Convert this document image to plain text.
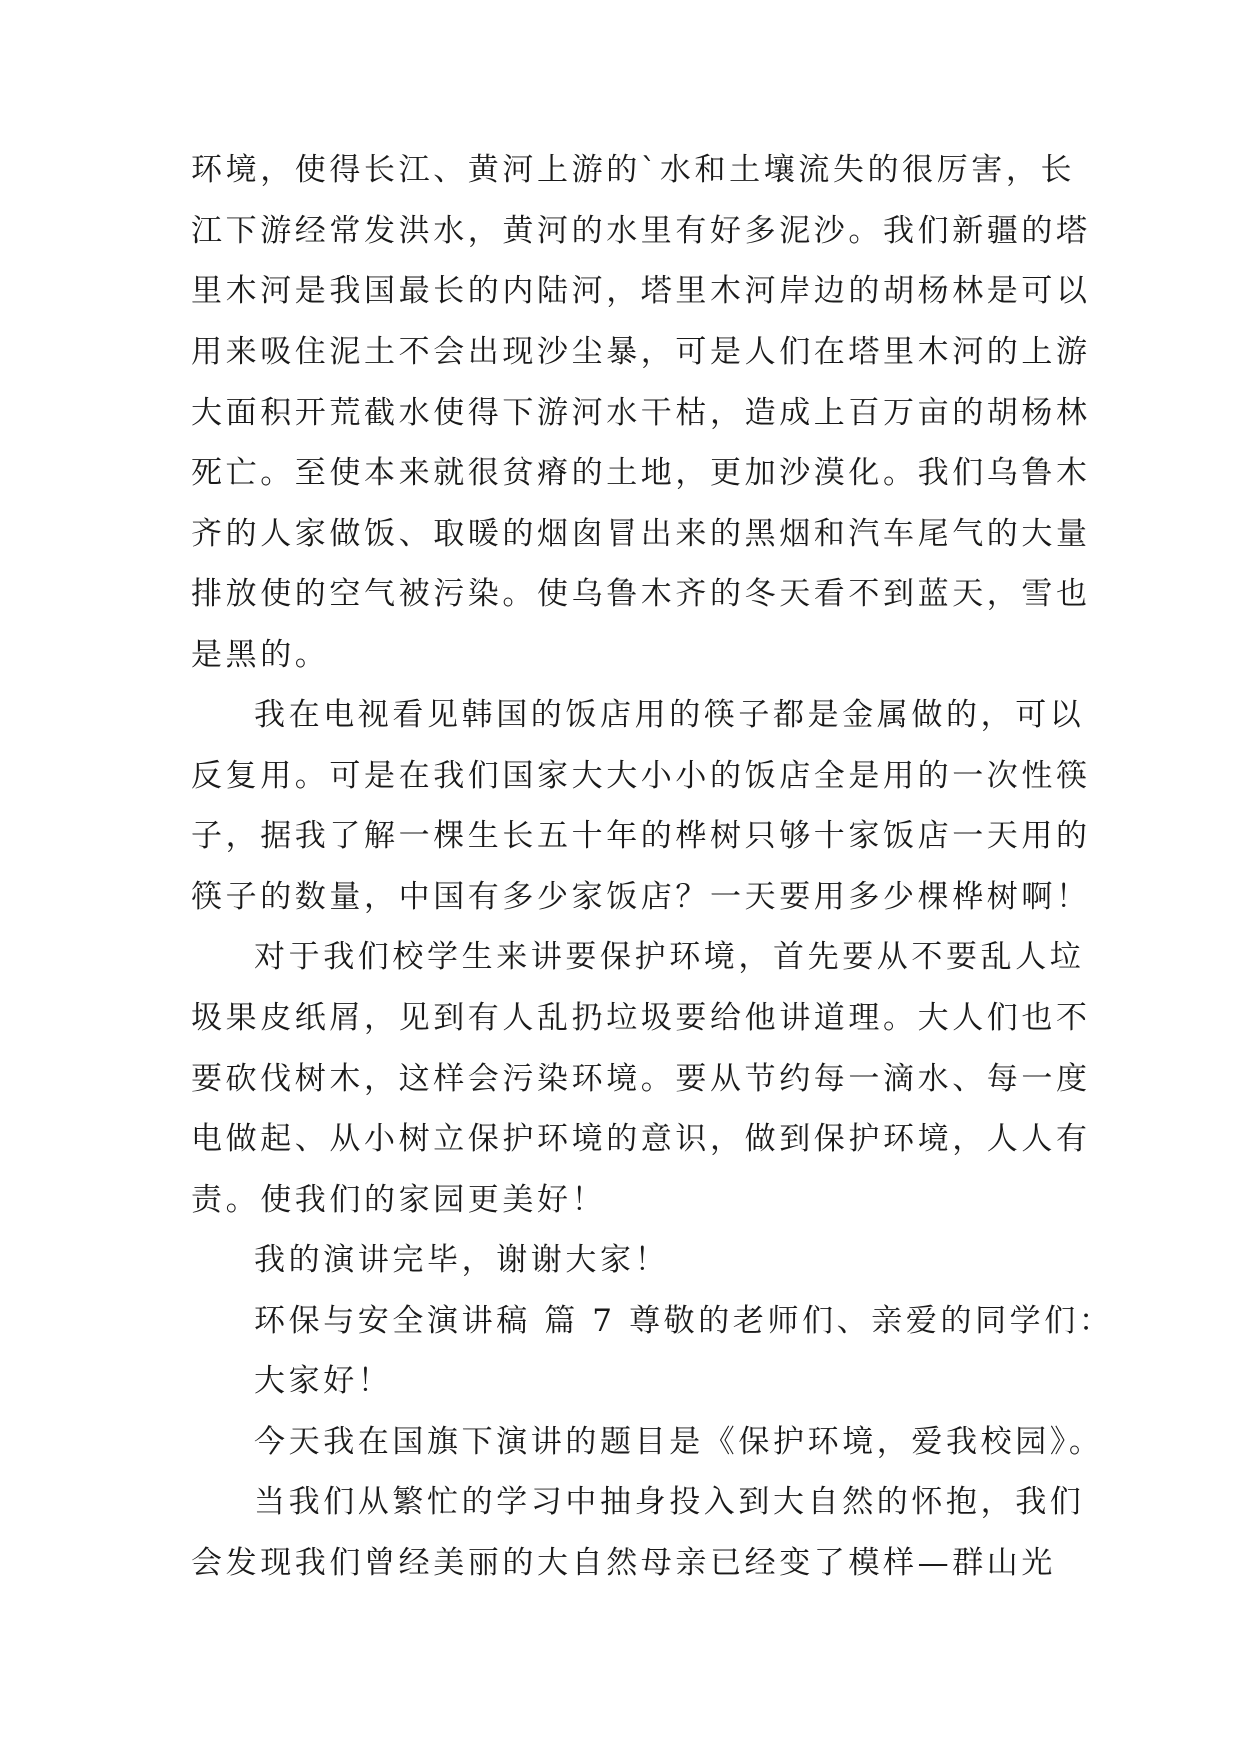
环境，使得长江、黄河上游的`水和土壤流失的很厉害，长
江下游经常发洪水，黄河的水里有好多泥沙。我们新疆的塔
里木河是我国最长的内陆河，塔里木河岸边的胡杨林是可以
用来吸住泥土不会出现沙尘暴，可是人们在塔里木河的上游
大面积开荒截水使得下游河水干枯，造成上百万亩的胡杨林
死亡。至使本来就很贫瘠的土地，更加沙漠化。我们乌鲁木
齐的人家做饭、取暖的烟囱冒出来的黑烟和汽车尾气的大量
排放使的空气被污染。使乌鲁木齐的冬天看不到蓝天，雪也
是黑的。
我在电视看见韩国的饭店用的筷子都是金属做的，可以
反复用。可是在我们国家大大小小的饭店全是用的一次性筷
子，据我了解一棵生长五十年的桦树只够十家饭店一天用的
筷子的数量，中国有多少家饭店？一天要用多少棵桦树啊！
对于我们校学生来讲要保护环境，首先要从不要乱人垃
圾果皮纸屑，见到有人乱扔垃圾要给他讲道理。大人们也不
要砍伐树木，这样会污染环境。要从节约每一滴水、每一度
电做起、从小树立保护环境的意识，做到保护环境，人人有
责。使我们的家园更美好！
我的演讲完毕，谢谢大家！
环保与安全演讲稿 篇 7 尊敬的老师们、亲爱的同学们：
大家好！
今天我在国旗下演讲的题目是《保护环境，爱我校园》。
当我们从繁忙的学习中抽身投入到大自然的怀抱，我们
会发现我们曾经美丽的大自然母亲已经变了模样—群山光
